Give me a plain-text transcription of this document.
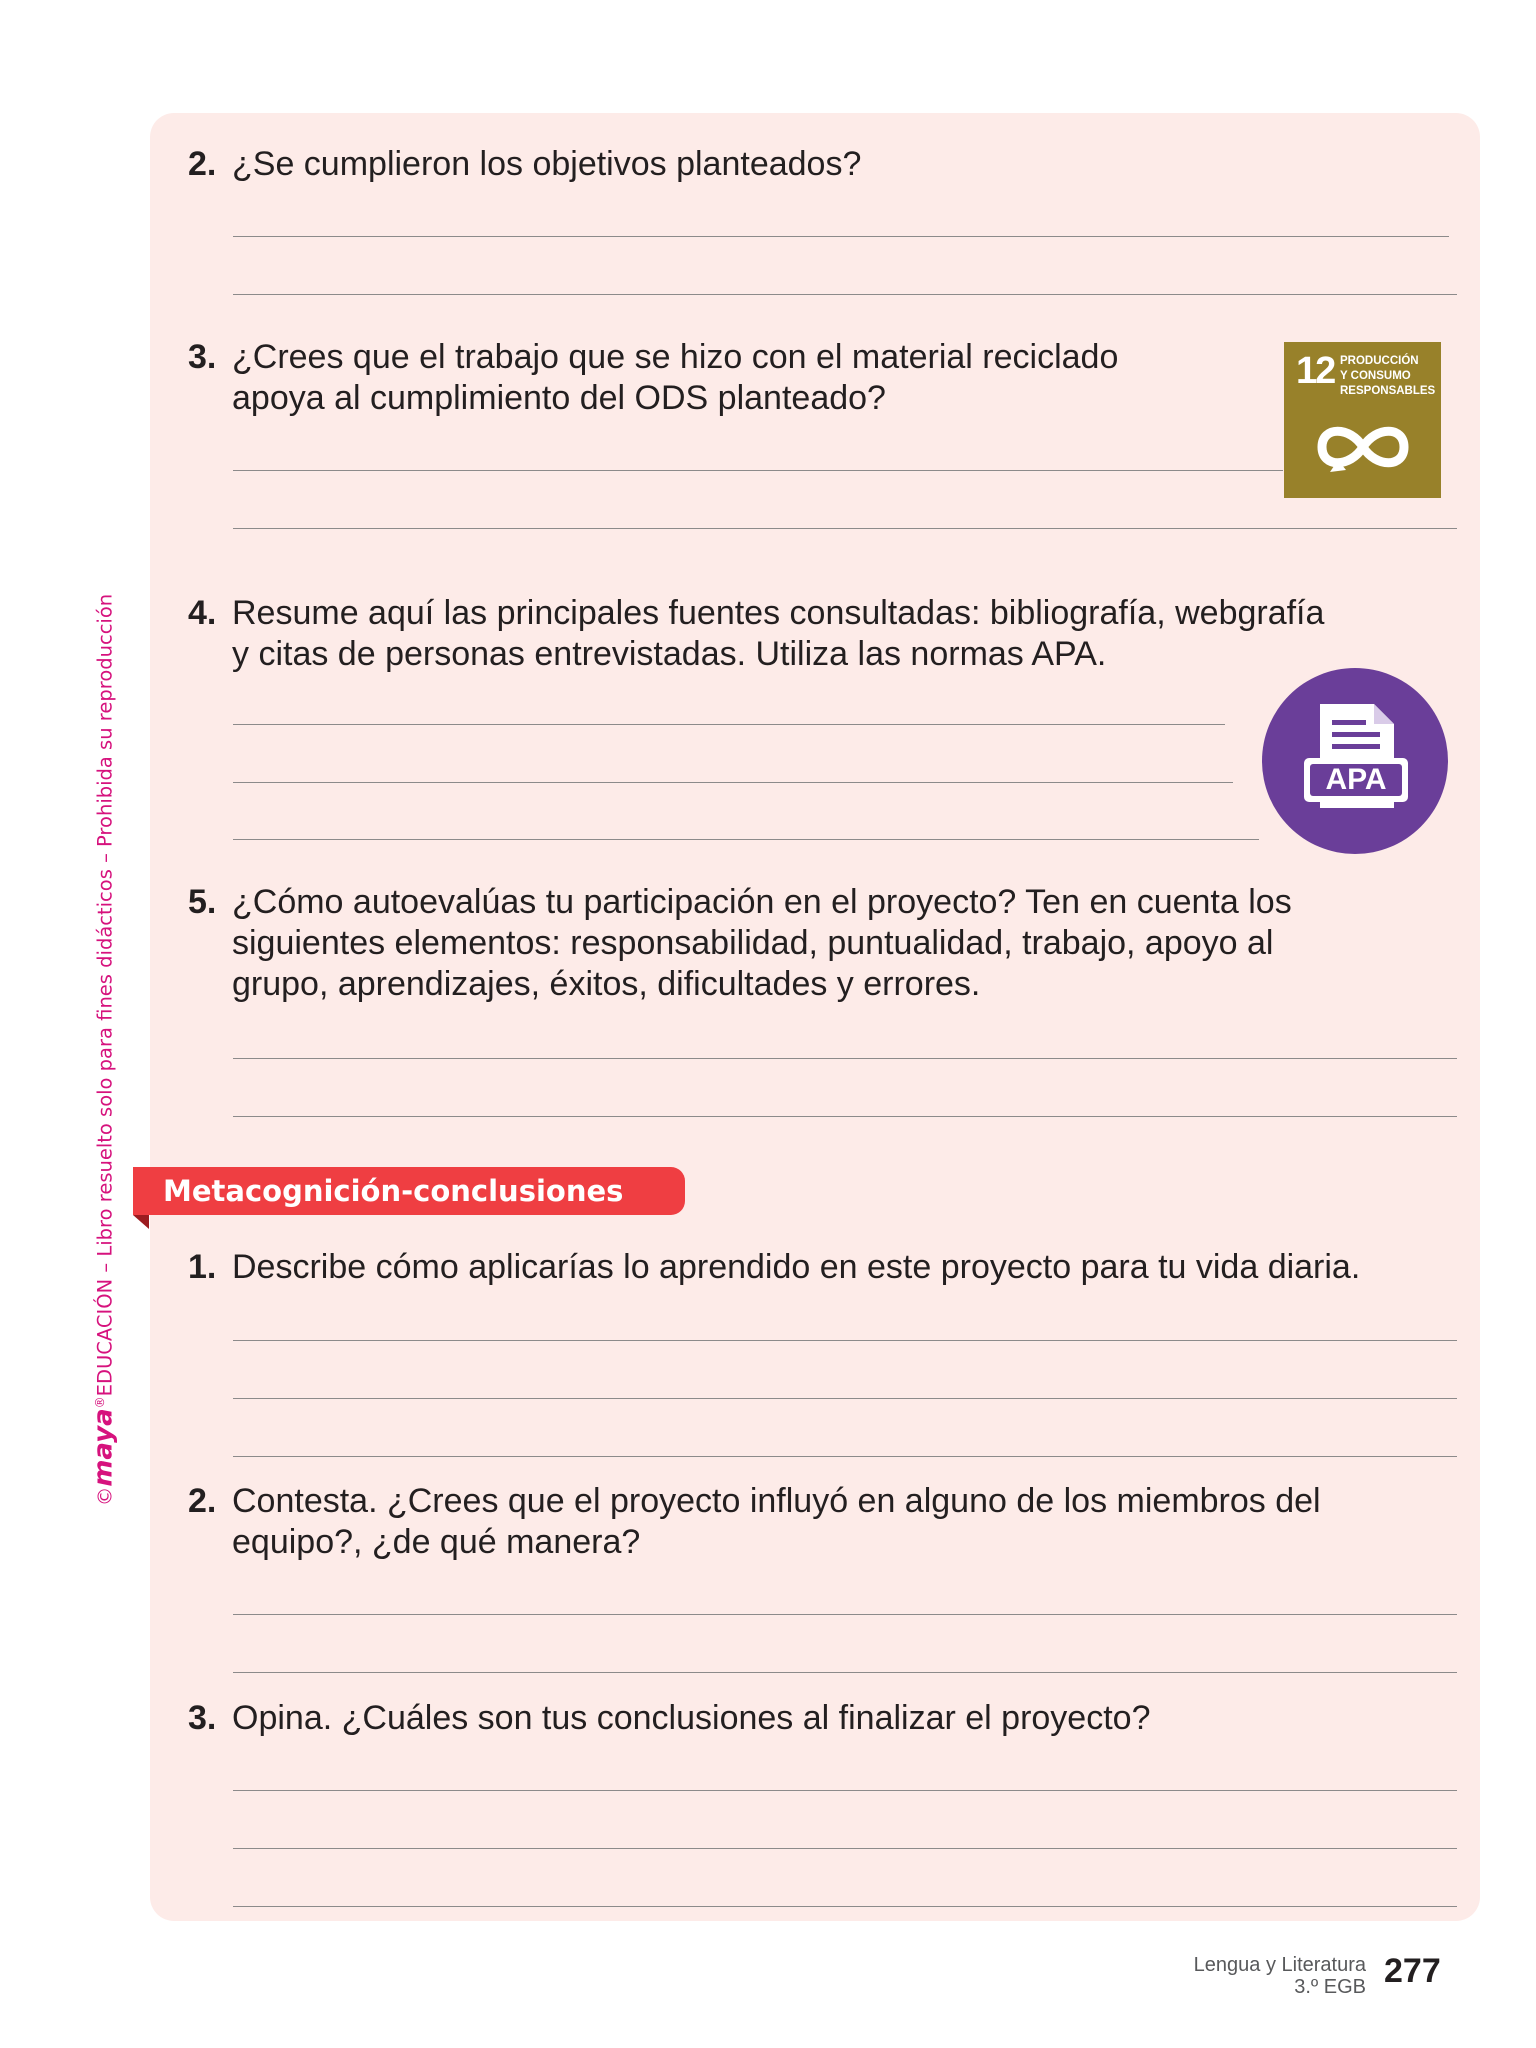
2. ¿Se cumplieron los objetivos planteados?
3. ¿Crees que el trabajo que se hizo con el material reciclado
apoya al cumplimiento del ODS planteado?
12 PRODUCCIÓN
Y CONSUMO
RESPONSABLES
4. Resume aquí las principales fuentes consultadas: bibliografía, webgrafía
y citas de personas entrevistadas. Utiliza las normas APA.
APA
5. ¿Cómo autoevalúas tu participación en el proyecto? Ten en cuenta los
siguientes elementos: responsabilidad, puntualidad, trabajo, apoyo al
grupo, aprendizajes, éxitos, dificultades y errores.
Metacognición-conclusiones
1. Describe cómo aplicarías lo aprendido en este proyecto para tu vida diaria.
2. Contesta. ¿Crees que el proyecto influyó en alguno de los miembros del
equipo?, ¿de qué manera?
3. Opina. ¿Cuáles son tus conclusiones al finalizar el proyecto?
©maya®EDUCACIÓN – Libro resuelto solo para fines didácticos – Prohibida su reproducción
Lengua y Literatura
3.º EGB 277
